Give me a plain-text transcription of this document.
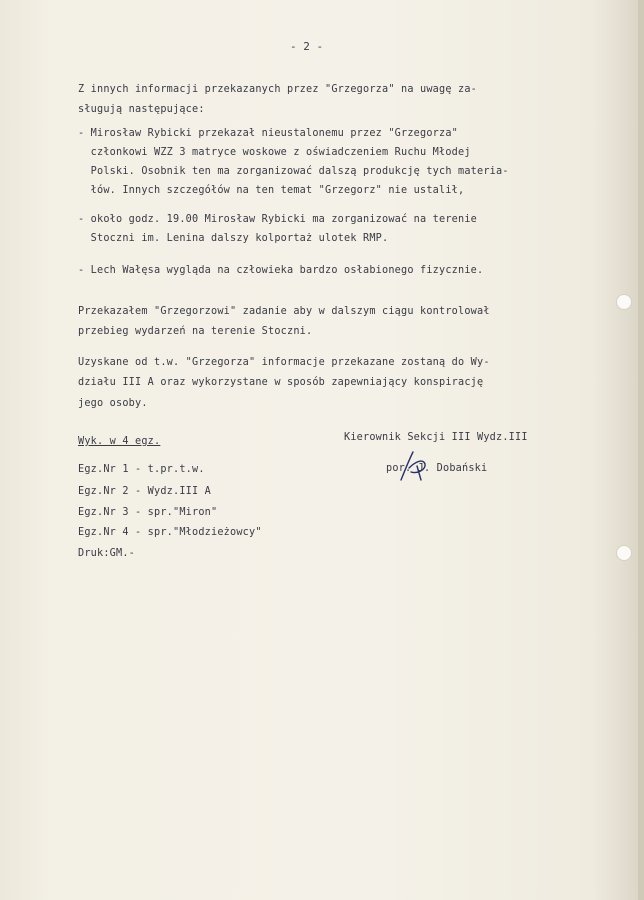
- 2 -
Z innych informacji przekazanych przez "Grzegorza" na uwagę za-
sługują następujące:
- Mirosław Rybicki przekazał nieustalonemu przez "Grzegorza"
członkowi WZZ 3 matryce woskowe z oświadczeniem Ruchu Młodej
Polski. Osobnik ten ma zorganizować dalszą produkcję tych materia-
łów. Innych szczegółów na ten temat "Grzegorz" nie ustalił,
- około godz. 19.00 Mirosław Rybicki ma zorganizować na terenie
Stoczni im. Lenina dalszy kolportaż ulotek RMP.
- Lech Wałęsa wygląda na człowieka bardzo osłabionego fizycznie.
Przekazałem "Grzegorzowi" zadanie aby w dalszym ciągu kontrolował
przebieg wydarzeń na terenie Stoczni.
Uzyskane od t.w. "Grzegorza" informacje przekazane zostaną do Wy-
działu III A oraz wykorzystane w sposób zapewniający konspirację
jego osoby.
Kierownik Sekcji III Wydz.III
por. J. Dobański
Wyk. w 4 egz.
Egz.Nr 1 - t.pr.t.w.
Egz.Nr 2 - Wydz.III A
Egz.Nr 3 - spr."Miron"
Egz.Nr 4 - spr."Młodzieżowcy"
Druk:GM.-
